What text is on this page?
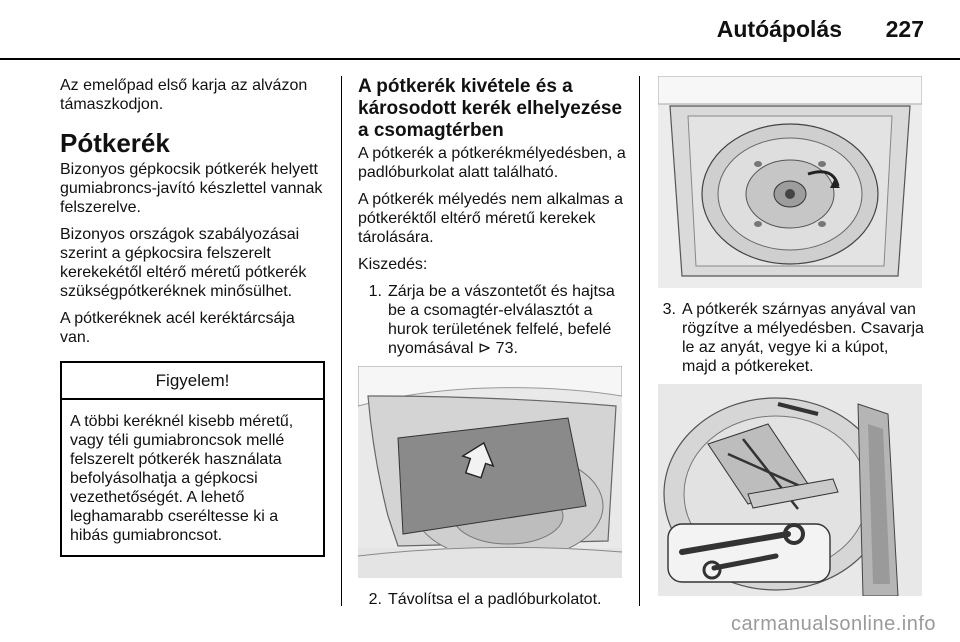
Autóápolás 227

Az emelőpad első karja az alvázon támaszkodjon.

Pótkerék

Bizonyos gépkocsik pótkerék helyett gumiabroncs-javító készlettel vannak felszerelve.

Bizonyos országok szabályozásai szerint a gépkocsira felszerelt kerekekétől eltérő méretű pótkerék szükségpótkeréknek minősülhet.

A pótkeréknek acél keréktárcsája van.

Figyelem!
A többi keréknél kisebb méretű, vagy téli gumiabroncsok mellé felszerelt pótkerék használata befolyásolhatja a gépkocsi vezethetőségét. A lehető leghamarabb cseréltesse ki a hibás gumiabroncsot.
A pótkerék kivétele és a károsodott kerék elhelyezése a csomagtérben

A pótkerék a pótkerékmélyedésben, a padlóburkolat alatt található.

A pótkerék mélyedés nem alkalmas a pótkeréktől eltérő méretű kerekek tárolására.

Kiszedés:

1. Zárja be a vászontetőt és hajtsa be a csomagtér-elválasztót a hurok területének felfelé, befelé nyomásával ⊳ 73.
2. Távolítsa el a padlóburkolatot.
3. A pótkerék szárnyas anyával van rögzítve a mélyedésben. Csavarja le az anyát, vegye ki a kúpot, majd a pótkereket.
carmanualsonline.info
